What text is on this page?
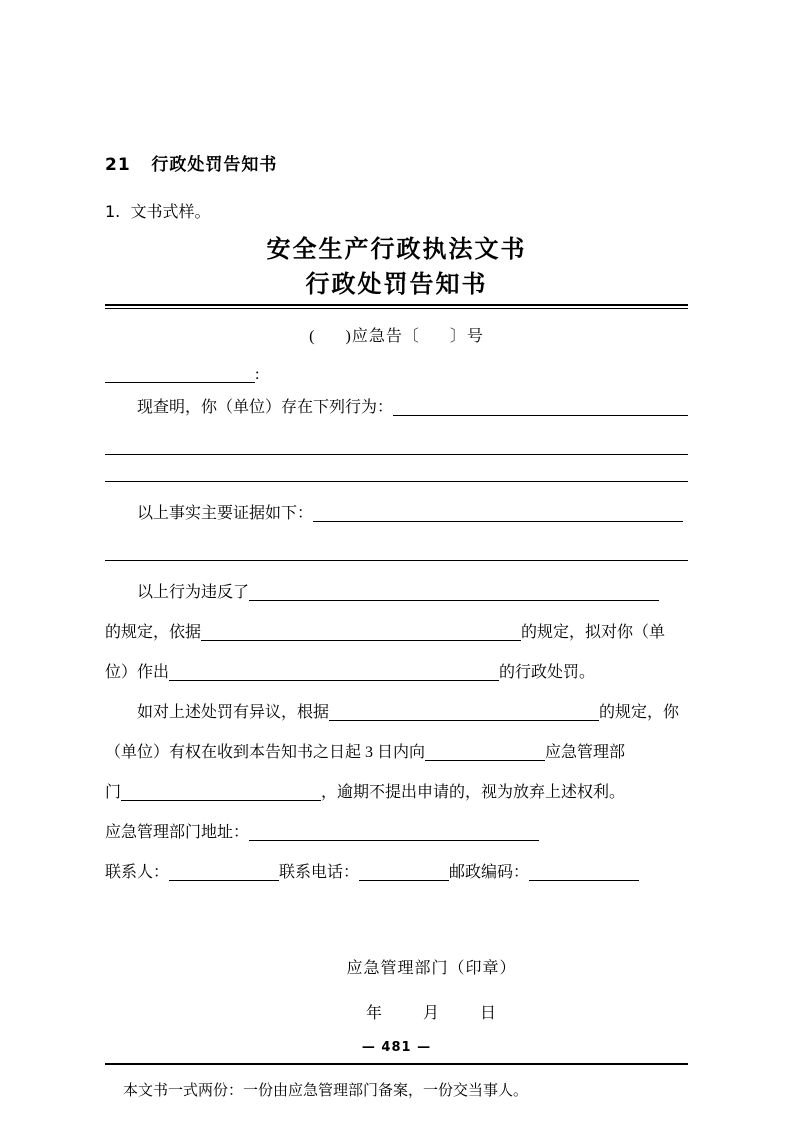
21   行政处罚告知书
1.  文书式样。
安全生产行政执法文书
行政处罚告知书
(      )应急告〔      〕号
:
现查明，你（单位）存在下列行为：
以上事实主要证据如下：
以上行为违反了
的规定，依据	的规定，拟对你（单
位）作出	的行政处罚。
如对上述处罚有异议，根据	的规定，你
（单位）有权在收到本告知书之日起 3 日内向	应急管理部
门	，逾期不提出申请的，视为放弃上述权利。
应急管理部门地址：
联系人：	联系电话：	邮政编码：
应急管理部门（印章）
年        月        日
本文书一式两份：一份由应急管理部门备案，一份交当事人。
— 481 —
